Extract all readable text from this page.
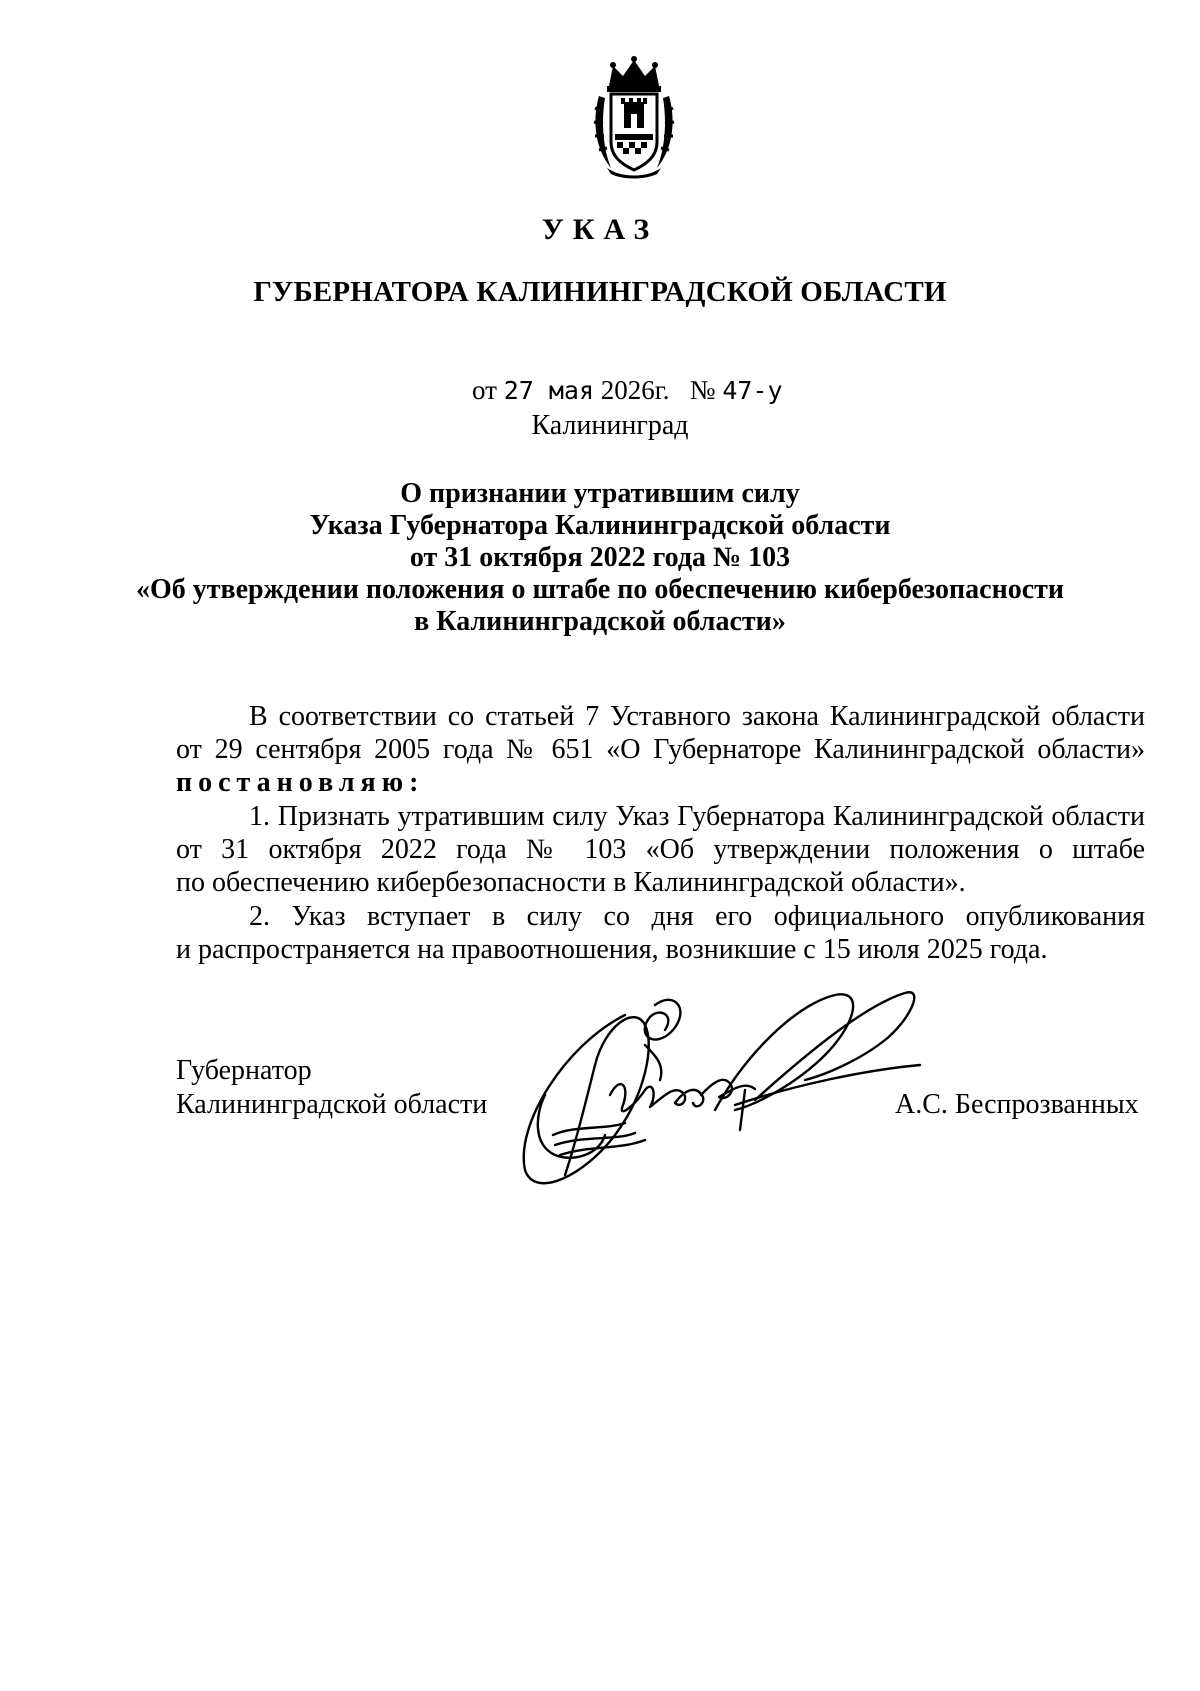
УКАЗ
ГУБЕРНАТОРА КАЛИНИНГРАДСКОЙ ОБЛАСТИ
от 27 мая 2026г. № 47-у
Калининград
О признании утратившим силу
Указа Губернатора Калининградской области
от 31 октября 2022 года № 103
«Об утверждении положения о штабе по обеспечению кибербезопасности
в Калининградской области»
В соответствии со статьей 7 Уставного закона Калининградской области
от 29 сентября 2005 года № 651 «О Губернаторе Калининградской области»
постановляю:
1. Признать утратившим силу Указ Губернатора Калининградской области
от 31 октября 2022 года № 103 «Об утверждении положения о штабе
по обеспечению кибербезопасности в Калининградской области».
2. Указ вступает в силу со дня его официального опубликования
и распространяется на правоотношения, возникшие с 15 июля 2025 года.
Губернатор
Калининградской области	А.С. Беспрозванных
